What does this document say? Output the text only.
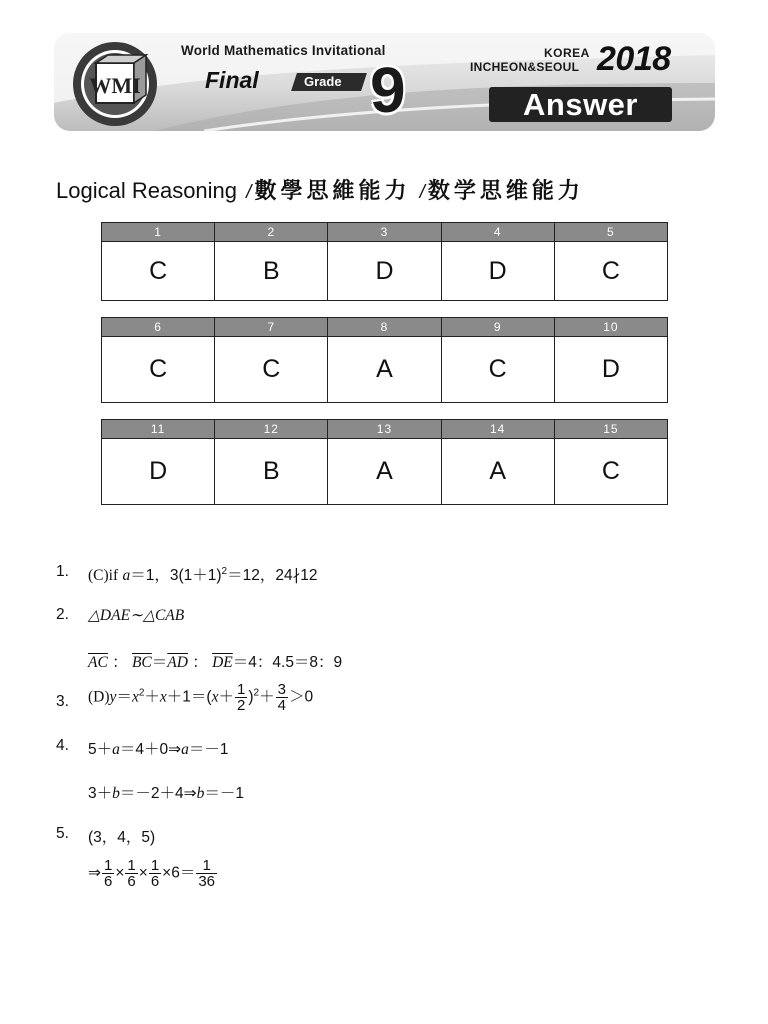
WMI
World Mathematics Invitational
Final	Grade 9
KOREA
INCHEON&SEOUL 2018
Answer
Logical Reasoning / 數學思維能力 / 数学思维能力
1	2	3	4	5
C	B	D	D	C
6	7	8	9	10
C	C	A	C	D
11	12	13	14	15
D	B	A	A	C
1. (C)if a＝1，$3(1+1)^2=12$，24∤12
2. △DAE∼△CAB
$\overline{AC}$ ： $\overline{BC}=\overline{AD}$ ： $\overline{DE}=4$：4.5＝8：9
3. $(D)y=x^2+x+1=(x+ \frac{1}{2} )^2+ \frac{3}{4} >0$
4. 5＋a＝4＋0⇒a＝－1
3＋b＝－2＋4⇒b＝－1
5. (3，4，5)
⇒ $\frac{1}{6} \times \frac{1}{6} \times \frac{1}{6} \times 6= \frac{1}{36}$
